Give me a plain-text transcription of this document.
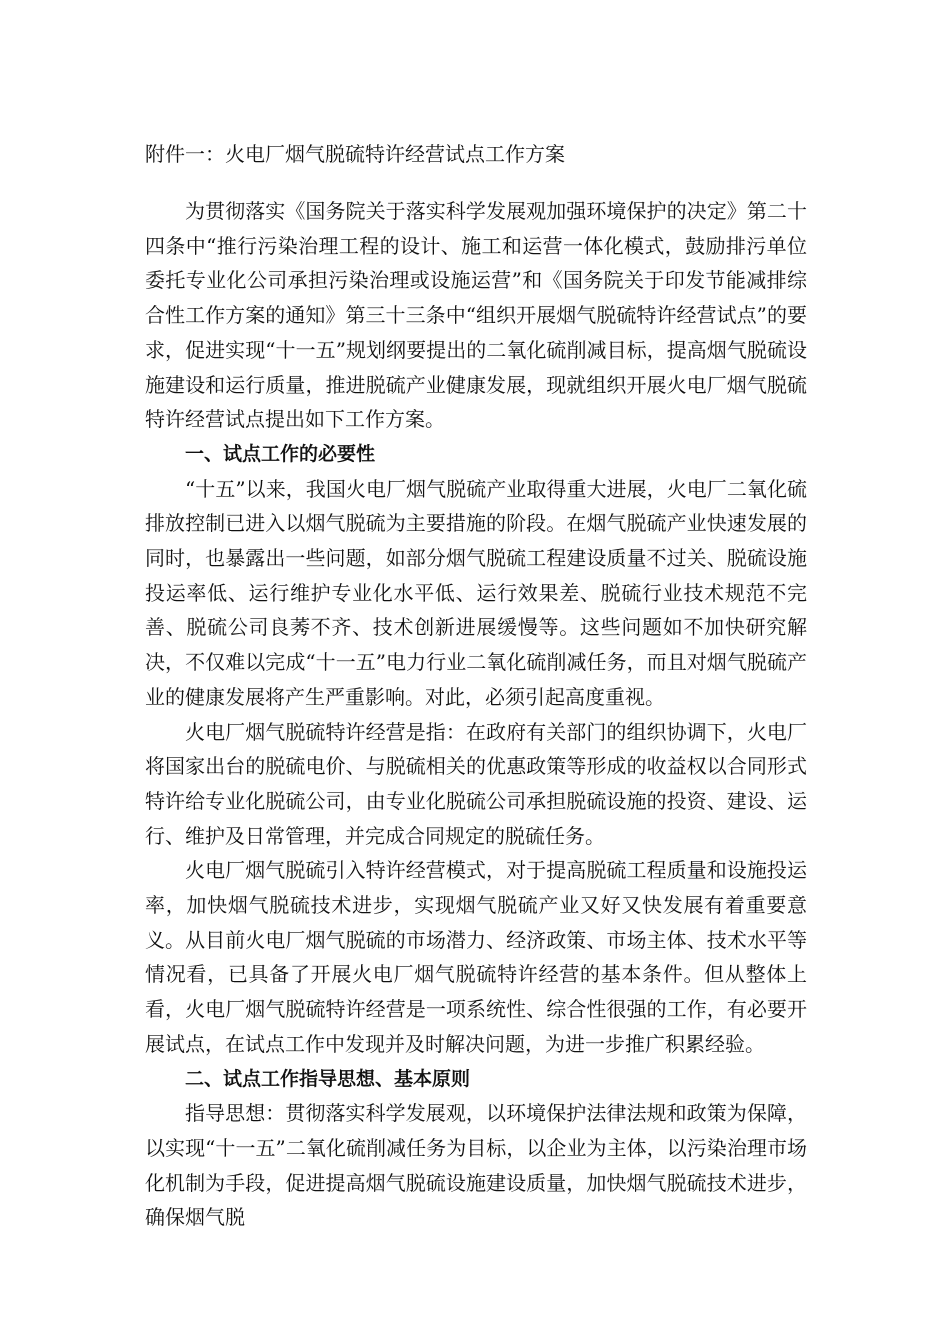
附件一：火电厂烟气脱硫特许经营试点工作方案

为贯彻落实《国务院关于落实科学发展观加强环境保护的决定》第二十四条中“推行污染治理工程的设计、施工和运营一体化模式，鼓励排污单位委托专业化公司承担污染治理或设施运营”和《国务院关于印发节能减排综合性工作方案的通知》第三十三条中“组织开展烟气脱硫特许经营试点”的要求，促进实现“十一五”规划纲要提出的二氧化硫削减目标，提高烟气脱硫设施建设和运行质量，推进脱硫产业健康发展，现就组织开展火电厂烟气脱硫特许经营试点提出如下工作方案。

一、试点工作的必要性

“十五”以来，我国火电厂烟气脱硫产业取得重大进展，火电厂二氧化硫排放控制已进入以烟气脱硫为主要措施的阶段。在烟气脱硫产业快速发展的同时，也暴露出一些问题，如部分烟气脱硫工程建设质量不过关、脱硫设施投运率低、运行维护专业化水平低、运行效果差、脱硫行业技术规范不完善、脱硫公司良莠不齐、技术创新进展缓慢等。这些问题如不加快研究解决，不仅难以完成“十一五”电力行业二氧化硫削减任务，而且对烟气脱硫产业的健康发展将产生严重影响。对此，必须引起高度重视。

火电厂烟气脱硫特许经营是指：在政府有关部门的组织协调下，火电厂将国家出台的脱硫电价、与脱硫相关的优惠政策等形成的收益权以合同形式特许给专业化脱硫公司，由专业化脱硫公司承担脱硫设施的投资、建设、运行、维护及日常管理，并完成合同规定的脱硫任务。

火电厂烟气脱硫引入特许经营模式，对于提高脱硫工程质量和设施投运率，加快烟气脱硫技术进步，实现烟气脱硫产业又好又快发展有着重要意义。从目前火电厂烟气脱硫的市场潜力、经济政策、市场主体、技术水平等情况看，已具备了开展火电厂烟气脱硫特许经营的基本条件。但从整体上看，火电厂烟气脱硫特许经营是一项系统性、综合性很强的工作，有必要开展试点，在试点工作中发现并及时解决问题，为进一步推广积累经验。

二、试点工作指导思想、基本原则

指导思想：贯彻落实科学发展观，以环境保护法律法规和政策为保障，以实现“十一五”二氧化硫削减任务为目标，以企业为主体，以污染治理市场化机制为手段，促进提高烟气脱硫设施建设质量，加快烟气脱硫技术进步，确保烟气脱
